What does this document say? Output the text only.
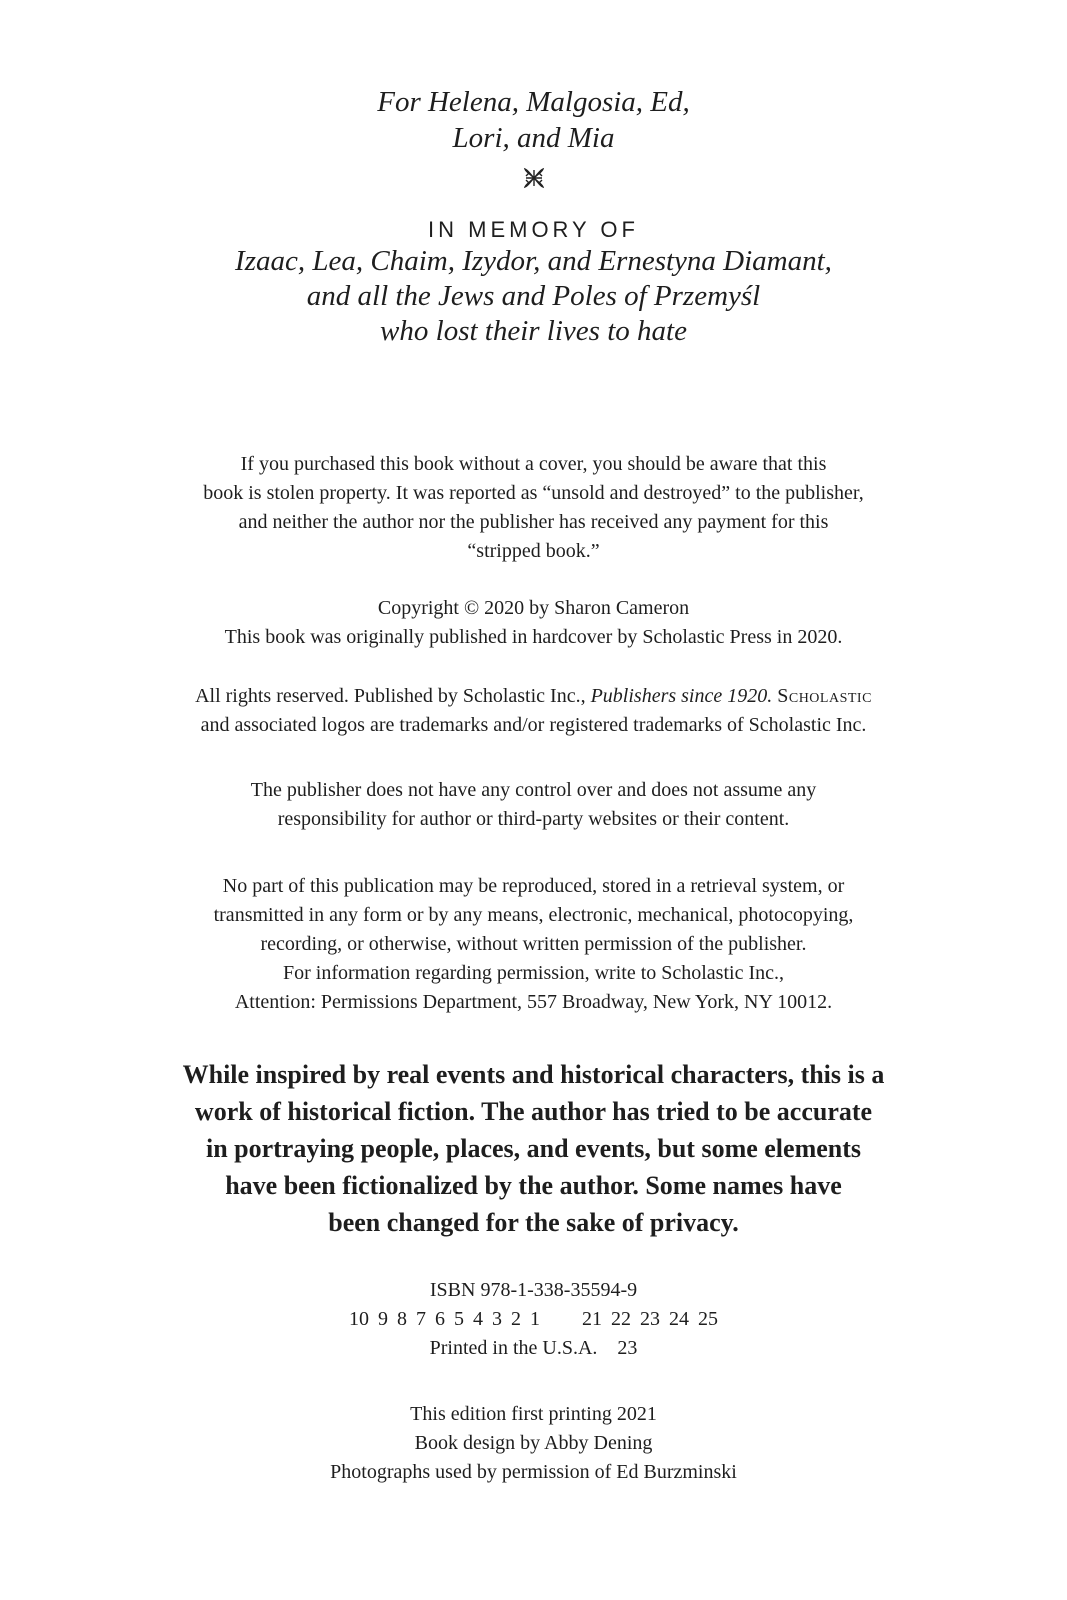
For Helena, Malgosia, Ed,
Lori, and Mia
IN MEMORY OF
Izaac, Lea, Chaim, Izydor, and Ernestyna Diamant,
and all the Jews and Poles of Przemyśl
who lost their lives to hate
If you purchased this book without a cover, you should be aware that this
book is stolen property. It was reported as “unsold and destroyed” to the publisher,
and neither the author nor the publisher has received any payment for this
“stripped book.”
Copyright © 2020 by Sharon Cameron
This book was originally published in hardcover by Scholastic Press in 2020.
All rights reserved. Published by Scholastic Inc., Publishers since 1920. Scholastic
and associated logos are trademarks and/or registered trademarks of Scholastic Inc.
The publisher does not have any control over and does not assume any
responsibility for author or third-party websites or their content.
No part of this publication may be reproduced, stored in a retrieval system, or
transmitted in any form or by any means, electronic, mechanical, photocopying,
recording, or otherwise, without written permission of the publisher.
For information regarding permission, write to Scholastic Inc.,
Attention: Permissions Department, 557 Broadway, New York, NY 10012.
While inspired by real events and historical characters, this is a
work of historical fiction. The author has tried to be accurate
in portraying people, places, and events, but some elements
have been fictionalized by the author. Some names have
been changed for the sake of privacy.
ISBN 978-1-338-35594-9
10 9 8 7 6 5 4 3 2 1 21 22 23 24 25
Printed in the U.S.A. 23
This edition first printing 2021
Book design by Abby Dening
Photographs used by permission of Ed Burzminski
